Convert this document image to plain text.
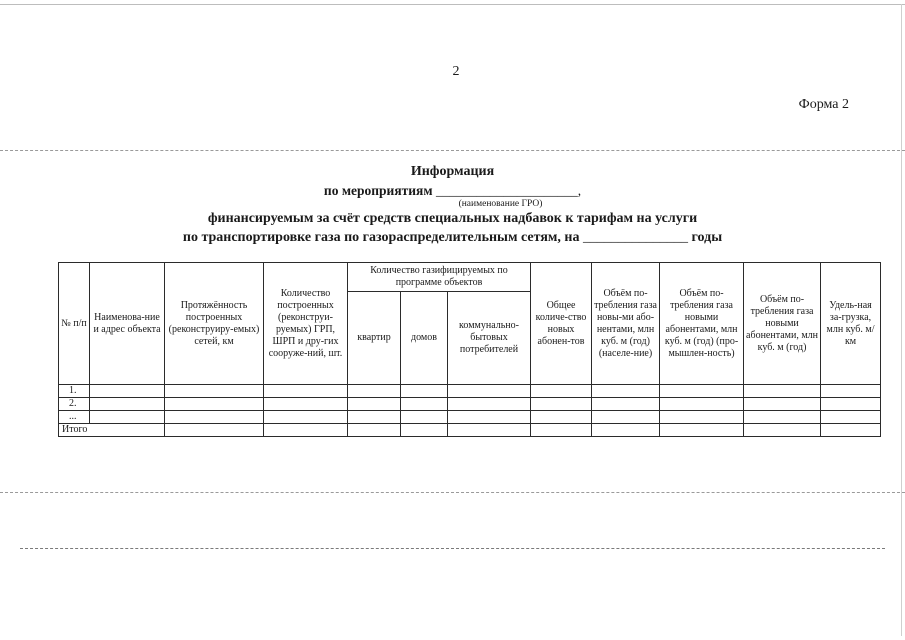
2
Форма 2
Информация
по мероприятиям _____________________,
(наименование ГРО)
финансируемым за счёт средств специальных надбавок к тарифам на услуги
по транспортировке газа по газораспределительным сетям, на _______________ годы
№ п/п	Наименова-ние и адрес объекта	Протяжённость построенных (реконструиру-емых) сетей, км	Количество построенных (реконструи-руемых) ГРП, ШРП и дру-гих сооруже-ний, шт.	Количество газифицируемых по программе объектов			Общее количе-ство новых абонен-тов	Объём по-требления газа новы-ми або-нентами, млн куб. м (год) (населе-ние)	Объём по-требления газа новыми абонентами, млн куб. м (год) (про-мышлен-ность)	Объём по-требления газа новыми абонентами, млн куб. м (год)	Удель-ная за-грузка, млн куб. м/км
				квартир	домов	коммунально-бытовых потребителей					
1.											
2.											
...											
Итого											
